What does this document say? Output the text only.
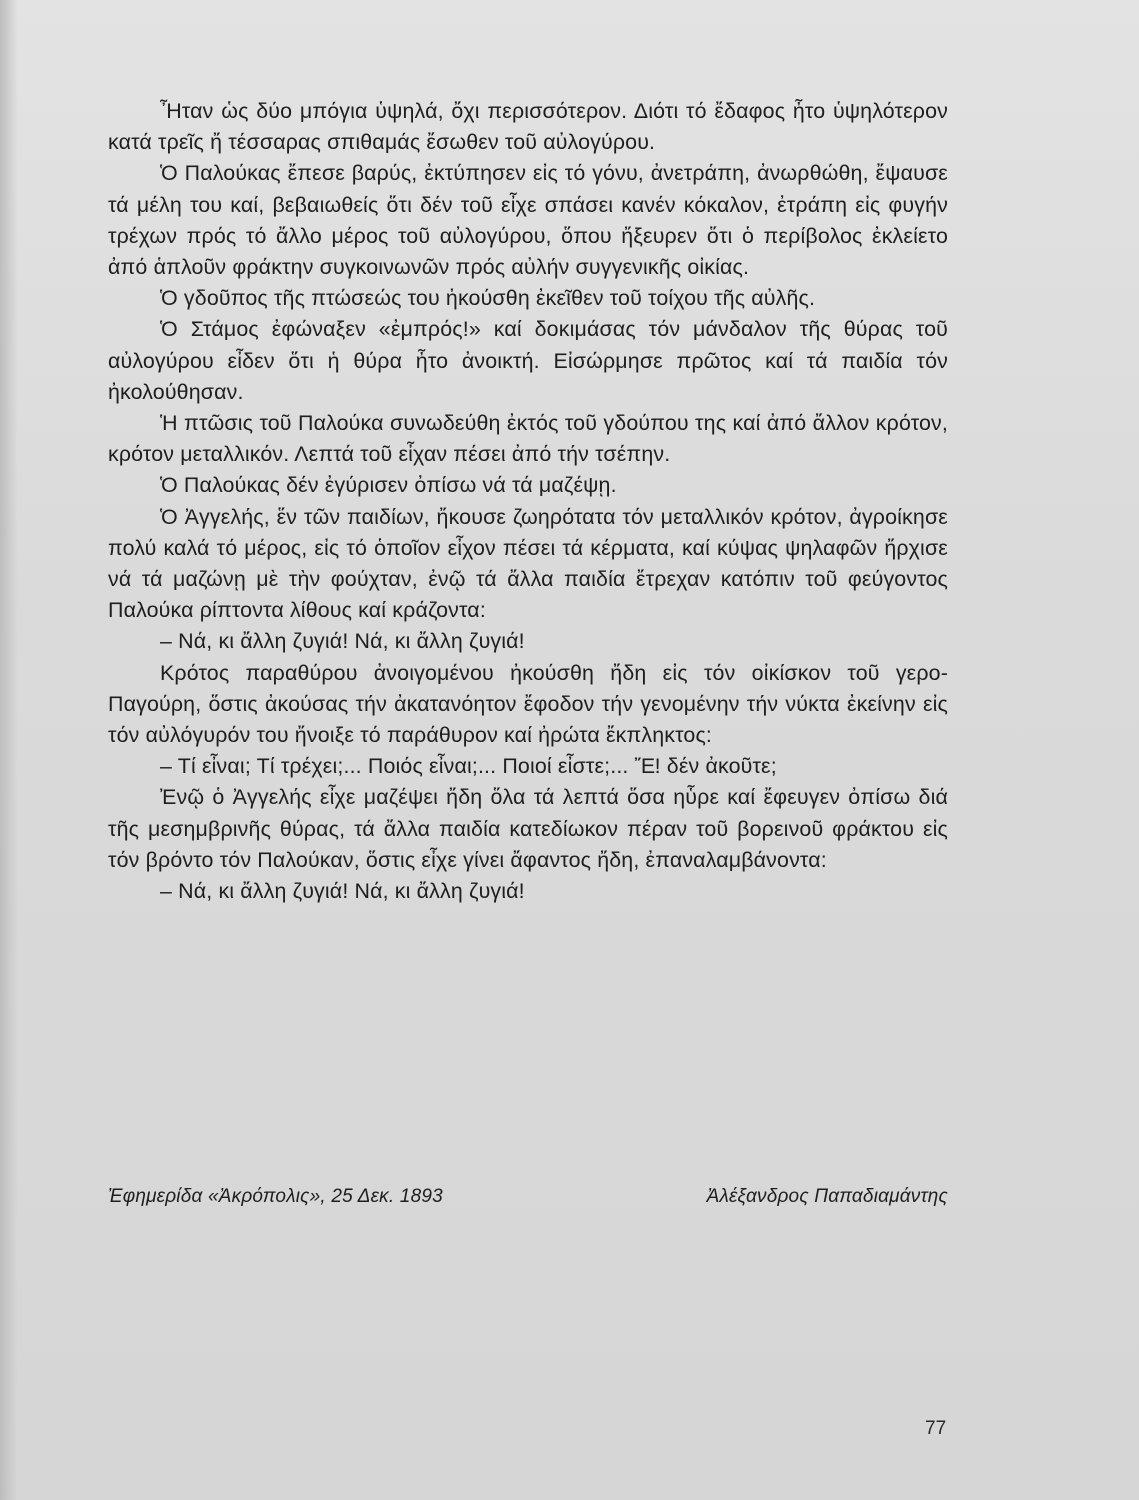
Ἦταν ὡς δύο μπόγια ὑψηλά, ὄχι περισσότερον. Διότι τό ἔδαφος ἦτο ὑψηλότερον κατά τρεῖς ἤ τέσσαρας σπιθαμάς ἔσωθεν τοῦ αὐλογύρου.

Ὁ Παλούκας ἔπεσε βαρύς, ἐκτύπησεν εἰς τό γόνυ, ἀνετράπη, ἀνωρθώθη, ἔψαυσε τά μέλη του καί, βεβαιωθείς ὅτι δέν τοῦ εἶχε σπάσει κανέν κόκαλον, ἐτράπη εἰς φυγήν τρέχων πρός τό ἄλλο μέρος τοῦ αὐλογύρου, ὅπου ἤξευρεν ὅτι ὁ περίβολος ἐκλείετο ἀπό ἁπλοῦν φράκτην συγκοινωνῶν πρός αὐλήν συγγενικῆς οἰκίας.

Ὁ γδοῦπος τῆς πτώσεώς του ἠκούσθη ἐκεῖθεν τοῦ τοίχου τῆς αὐλῆς.

Ὁ Στάμος ἐφώναξεν «ἐμπρός!» καί δοκιμάσας τόν μάνδαλον τῆς θύρας τοῦ αὐλογύρου εἶδεν ὅτι ἡ θύρα ἦτο ἀνοικτή. Εἰσώρμησε πρῶτος καί τά παιδία τόν ἠκολούθησαν.

Ἡ πτῶσις τοῦ Παλούκα συνωδεύθη ἐκτός τοῦ γδούπου της καί ἀπό ἄλλον κρότον, κρότον μεταλλικόν. Λεπτά τοῦ εἶχαν πέσει ἀπό τήν τσέπην.

Ὁ Παλούκας δέν ἐγύρισεν ὀπίσω νά τά μαζέψῃ.

Ὁ Ἀγγελής, ἕν τῶν παιδίων, ἤκουσε ζωηρότατα τόν μεταλλικόν κρότον, ἀγροίκησε πολύ καλά τό μέρος, εἰς τό ὁποῖον εἶχον πέσει τά κέρματα, καί κύψας ψηλαφῶν ἤρχισε νά τά μαζώνῃ μὲ τὴν φούχταν, ἐνῷ τά ἄλλα παιδία ἔτρεχαν κατόπιν τοῦ φεύγοντος Παλούκα ρίπτοντα λίθους καί κράζοντα:

– Νά, κι ἄλλη ζυγιά! Νά, κι ἄλλη ζυγιά!

Κρότος παραθύρου ἀνοιγομένου ἠκούσθη ἤδη εἰς τόν οἰκίσκον τοῦ γερο-Παγούρη, ὅστις ἀκούσας τήν ἀκατανόητον ἔφοδον τήν γενομένην τήν νύκτα ἐκείνην εἰς τόν αὐλόγυρόν του ἤνοιξε τό παράθυρον καί ἠρώτα ἔκπληκτος:

– Τί εἶναι; Τί τρέχει;... Ποιός εἶναι;... Ποιοί εἶστε;... Ἔ! δέν ἀκοῦτε;

Ἐνῷ ὁ Ἀγγελής εἶχε μαζέψει ἤδη ὅλα τά λεπτά ὅσα ηὗρε καί ἔφευγεν ὀπίσω διά τῆς μεσημβρινῆς θύρας, τά ἄλλα παιδία κατεδίωκον πέραν τοῦ βορεινοῦ φράκτου εἰς τόν βρόντο τόν Παλούκαν, ὅστις εἶχε γίνει ἄφαντος ἤδη, ἐπαναλαμβάνοντα:

– Νά, κι ἄλλη ζυγιά! Νά, κι ἄλλη ζυγιά!

Ἐφημερίδα «Ἀκρόπολις», 25 Δεκ. 1893	Ἀλέξανδρος Παπαδιαμάντης
77
